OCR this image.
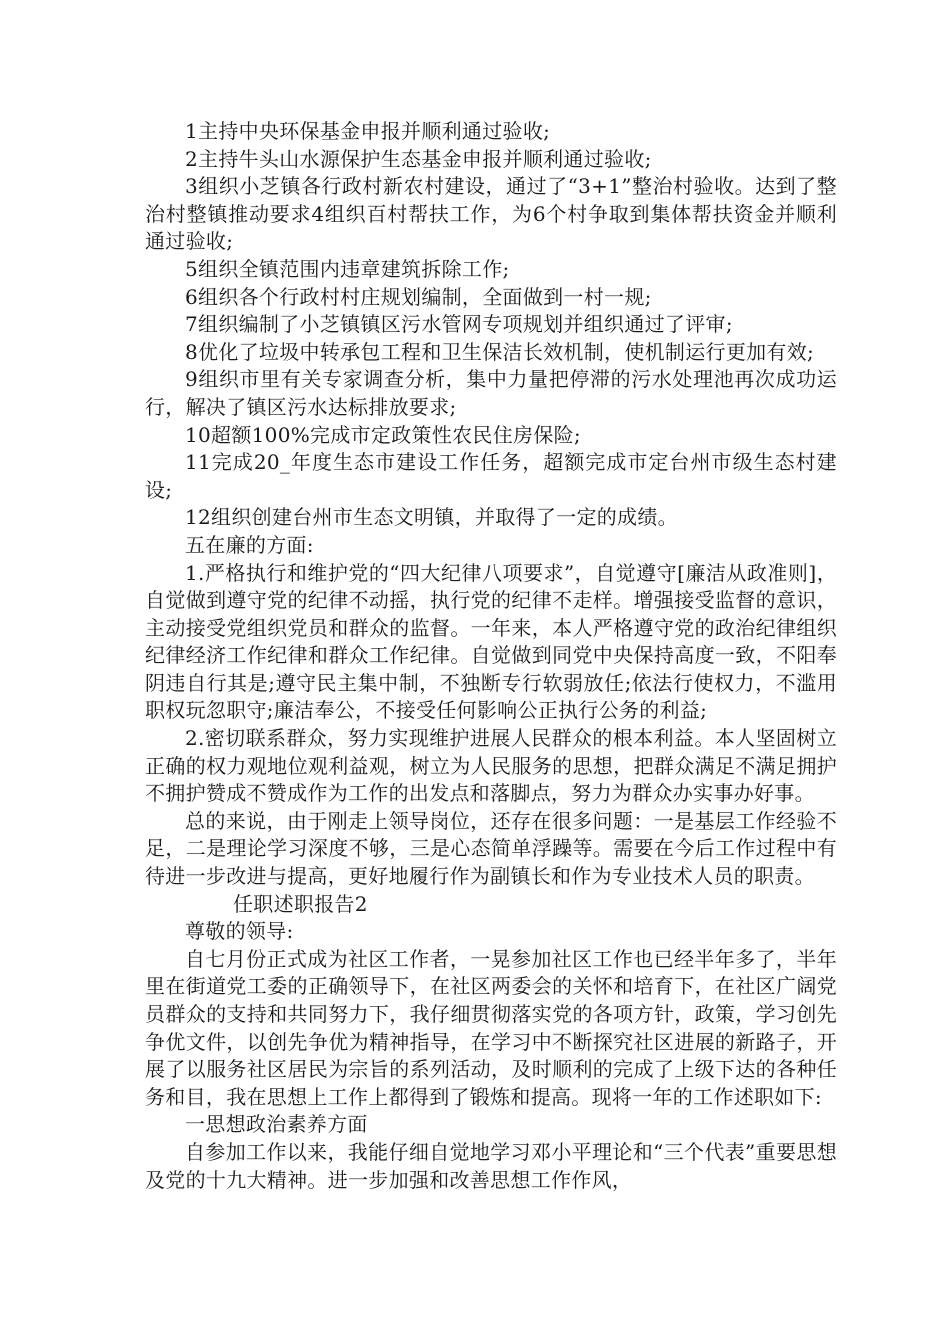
1主持中央环保基金申报并顺利通过验收;

2主持牛头山水源保护生态基金申报并顺利通过验收;

3组织小芝镇各行政村新农村建设，通过了“3+1”整治村验收。达到了整治村整镇推动要求4组织百村帮扶工作，为6个村争取到集体帮扶资金并顺利通过验收;

5组织全镇范围内违章建筑拆除工作;

6组织各个行政村村庄规划编制，全面做到一村一规;

7组织编制了小芝镇镇区污水管网专项规划并组织通过了评审;

8优化了垃圾中转承包工程和卫生保洁长效机制，使机制运行更加有效;

9组织市里有关专家调查分析，集中力量把停滞的污水处理池再次成功运行，解决了镇区污水达标排放要求;

10超额100%完成市定政策性农民住房保险;

11完成20_年度生态市建设工作任务，超额完成市定台州市级生态村建设;

12组织创建台州市生态文明镇，并取得了一定的成绩。

五在廉的方面:

1.严格执行和维护党的“四大纪律八项要求”，自觉遵守[廉洁从政准则]，自觉做到遵守党的纪律不动摇，执行党的纪律不走样。增强接受监督的意识，主动接受党组织党员和群众的监督。一年来，本人严格遵守党的政治纪律组织纪律经济工作纪律和群众工作纪律。自觉做到同党中央保持高度一致，不阳奉阴违自行其是;遵守民主集中制，不独断专行软弱放任;依法行使权力，不滥用职权玩忽职守;廉洁奉公，不接受任何影响公正执行公务的利益;

2.密切联系群众，努力实现维护进展人民群众的根本利益。本人坚固树立正确的权力观地位观利益观，树立为人民服务的思想，把群众满足不满足拥护不拥护赞成不赞成作为工作的出发点和落脚点，努力为群众办实事办好事。

总的来说，由于刚走上领导岗位，还存在很多问题：一是基层工作经验不足，二是理论学习深度不够，三是心态简单浮躁等。需要在今后工作过程中有待进一步改进与提高，更好地履行作为副镇长和作为专业技术人员的职责。

任职述职报告2

尊敬的领导:

自七月份正式成为社区工作者，一晃参加社区工作也已经半年多了，半年里在街道党工委的正确领导下，在社区两委会的关怀和培育下，在社区广阔党员群众的支持和共同努力下，我仔细贯彻落实党的各项方针，政策，学习创先争优文件，以创先争优为精神指导，在学习中不断探究社区进展的新路子，开展了以服务社区居民为宗旨的系列活动，及时顺利的完成了上级下达的各种任务和目，我在思想上工作上都得到了锻炼和提高。现将一年的工作述职如下:

一思想政治素养方面

自参加工作以来，我能仔细自觉地学习邓小平理论和“三个代表”重要思想及党的十九大精神。进一步加强和改善思想工作作风，
